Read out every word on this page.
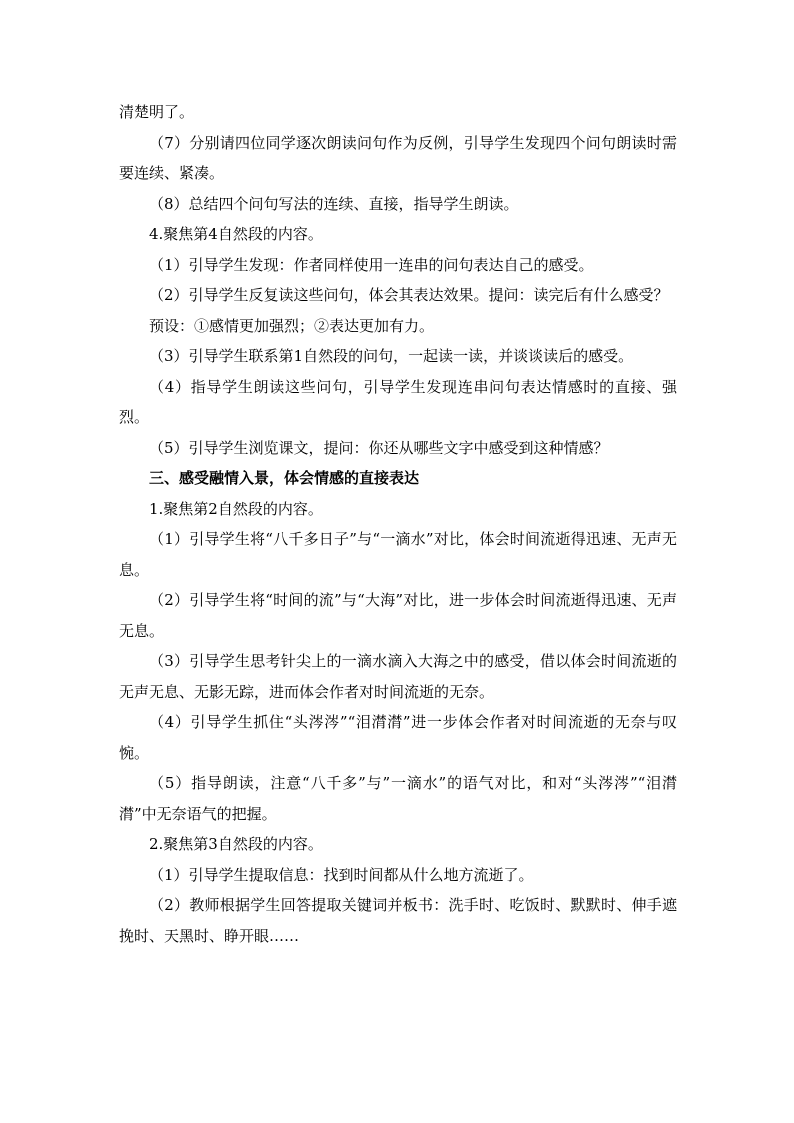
清楚明了。

（7）分别请四位同学逐次朗读问句作为反例，引导学生发现四个问句朗读时需要连续、紧凑。

（8）总结四个问句写法的连续、直接，指导学生朗读。

4.聚焦第4自然段的内容。

（1）引导学生发现：作者同样使用一连串的问句表达自己的感受。

（2）引导学生反复读这些问句，体会其表达效果。提问：读完后有什么感受？

预设：①感情更加强烈；②表达更加有力。

（3）引导学生联系第1自然段的问句，一起读一读，并谈谈读后的感受。

（4）指导学生朗读这些问句，引导学生发现连串问句表达情感时的直接、强烈。

（5）引导学生浏览课文，提问：你还从哪些文字中感受到这种情感？

三、感受融情入景，体会情感的直接表达

1.聚焦第2自然段的内容。

（1）引导学生将“八千多日子”与“一滴水”对比，体会时间流逝得迅速、无声无息。

（2）引导学生将“时间的流”与“大海”对比，进一步体会时间流逝得迅速、无声无息。

（3）引导学生思考针尖上的一滴水滴入大海之中的感受，借以体会时间流逝的无声无息、无影无踪，进而体会作者对时间流逝的无奈。

（4）引导学生抓住“头涔涔”“泪潸潸”进一步体会作者对时间流逝的无奈与叹惋。

（5）指导朗读，注意“八千多”与”一滴水”的语气对比，和对“头涔涔”“泪潸潸”中无奈语气的把握。

2.聚焦第3自然段的内容。

（1）引导学生提取信息：找到时间都从什么地方流逝了。

（2）教师根据学生回答提取关键词并板书：洗手时、吃饭时、默默时、伸手遮挽时、天黑时、睁开眼……
